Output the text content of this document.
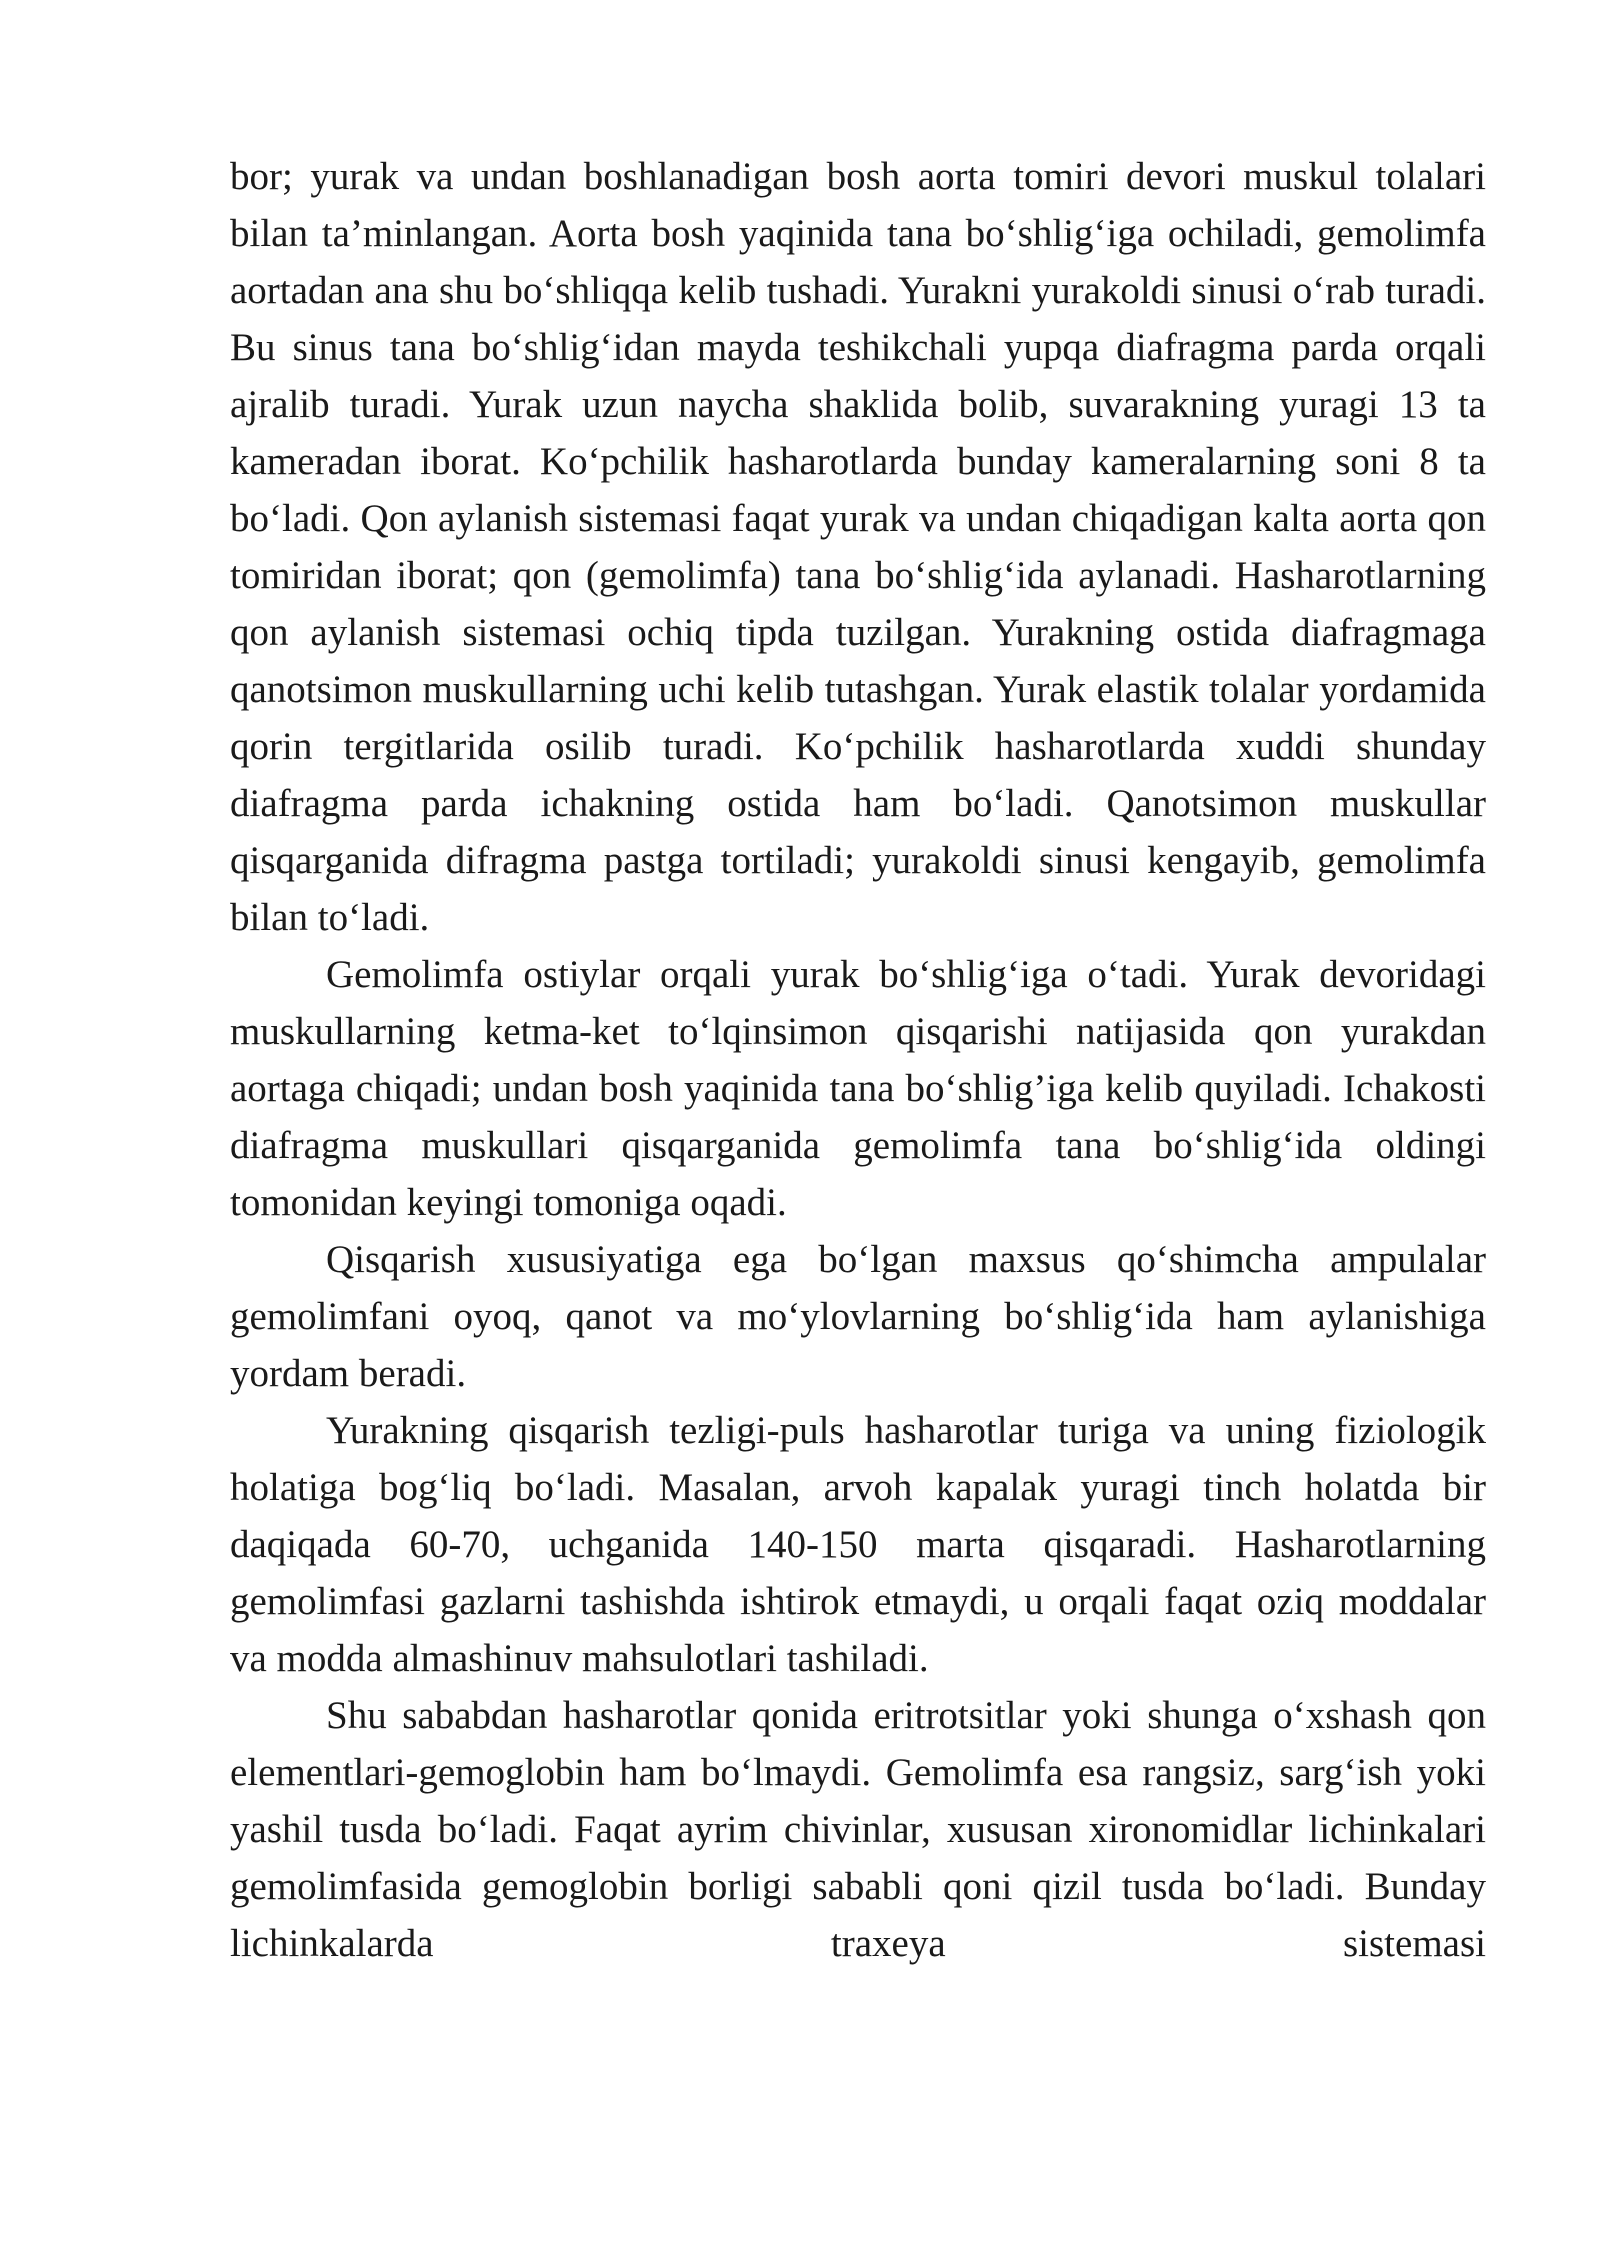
bor; yurak va undan boshlanadigan bosh aorta tomiri devori muskul tolalari bilan ta’minlangan. Aorta bosh yaqinida tana bo‘shlig‘iga ochiladi, gemolimfa aortadan ana shu bo‘shliqqa kelib tushadi. Yurakni yurakoldi sinusi o‘rab turadi. Bu sinus tana bo‘shlig‘idan mayda teshikchali yupqa diafragma parda orqali ajralib turadi. Yurak uzun naycha shaklida bolib, suvarakning yuragi 13 ta kameradan iborat. Ko‘pchilik hasharotlarda bunday kameralarning soni 8 ta bo‘ladi. Qon aylanish sistemasi faqat yurak va undan chiqadigan kalta aorta qon tomiridan iborat; qon (gemolimfa) tana bo‘shlig‘ida aylanadi. Hasharotlarning qon aylanish sistemasi ochiq tipda tuzilgan. Yurakning ostida diafragmaga qanotsimon muskullarning uchi kelib tutashgan. Yurak elastik tolalar yordamida qorin tergitlarida osilib turadi. Ko‘pchilik hasharotlarda xuddi shunday diafragma parda ichakning ostida ham bo‘ladi. Qanotsimon muskullar qisqarganida difragma pastga tortiladi; yurakoldi sinusi kengayib, gemolimfa bilan to‘ladi.

Gemolimfa ostiylar orqali yurak bo‘shlig‘iga o‘tadi. Yurak devoridagi muskullarning ketma-ket to‘lqinsimon qisqarishi natijasida qon yurakdan aortaga chiqadi; undan bosh yaqinida tana bo‘shlig’iga kelib quyiladi. Ichakosti diafragma muskullari qisqarganida gemolimfa tana bo‘shlig‘ida oldingi tomonidan keyingi tomoniga oqadi.

Qisqarish xususiyatiga ega bo‘lgan maxsus qo‘shimcha ampulalar gemolimfani oyoq, qanot va mo‘ylovlarning bo‘shlig‘ida ham aylanishiga yordam beradi.

Yurakning qisqarish tezligi-puls hasharotlar turiga va uning fiziologik holatiga bog‘liq bo‘ladi. Masalan, arvoh kapalak yuragi tinch holatda bir daqiqada 60-70, uchganida 140-150 marta qisqaradi. Hasharotlarning gemolimfasi gazlarni tashishda ishtirok etmaydi, u orqali faqat oziq moddalar va modda almashinuv mahsulotlari tashiladi.

Shu sababdan hasharotlar qonida eritrotsitlar yoki shunga o‘xshash qon elementlari-gemoglobin ham bo‘lmaydi. Gemolimfa esa rangsiz, sarg‘ish yoki yashil tusda bo‘ladi. Faqat ayrim chivinlar, xususan xironomidlar lichinkalari gemolimfasida gemoglobin borligi sababli qoni qizil tusda bo‘ladi. Bunday lichinkalarda traxeya sistemasi
